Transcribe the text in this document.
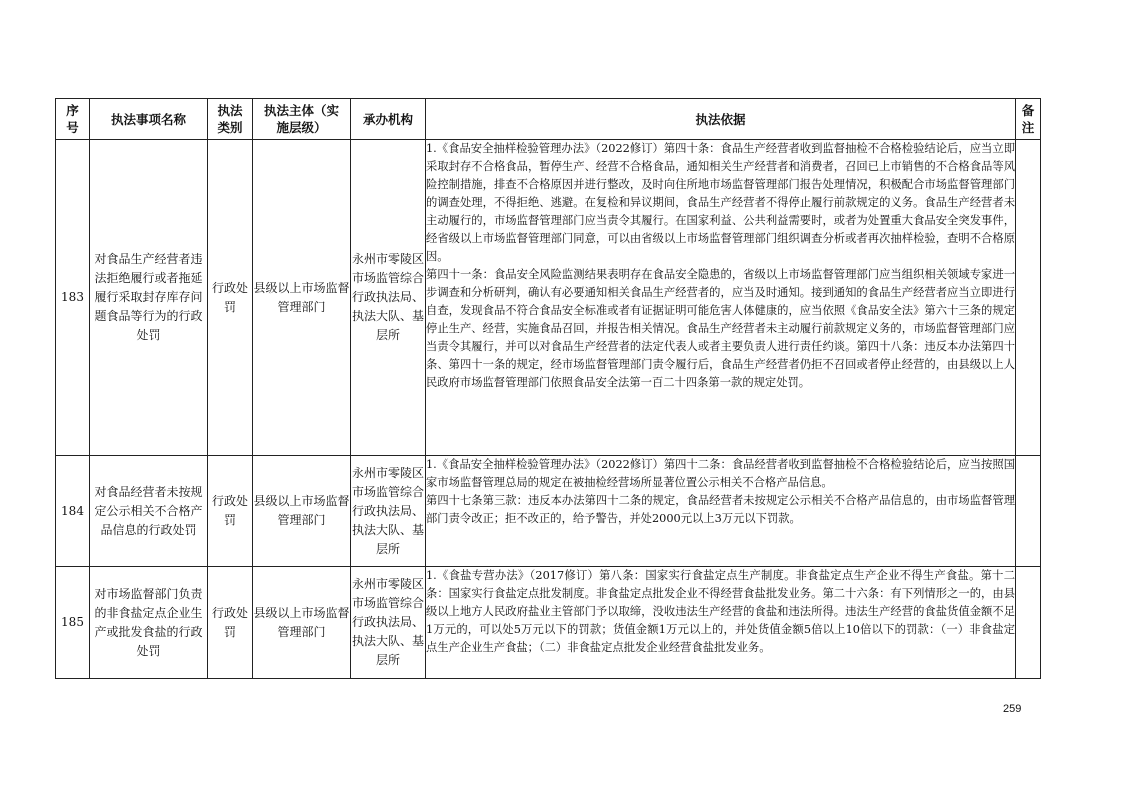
序号	执法事项名称	执法类别	执法主体（实施层级）	承办机构	执法依据	备注
183	对食品生产经营者违法拒绝履行或者拖延履行采取封存库存问题食品等行为的行政处罚	行政处罚	县级以上市场监督管理部门	永州市零陵区市场监管综合行政执法局、执法大队、基层所	1.《食品安全抽样检验管理办法》（2022修订）第四十条：食品生产经营者收到监督抽检不合格检验结论后，应当立即采取封存不合格食品，暂停生产、经营不合格食品，通知相关生产经营者和消费者，召回已上市销售的不合格食品等风险控制措施，排查不合格原因并进行整改，及时向住所地市场监督管理部门报告处理情况，积极配合市场监督管理部门的调查处理，不得拒绝、逃避。在复检和异议期间，食品生产经营者不得停止履行前款规定的义务。食品生产经营者未主动履行的，市场监督管理部门应当责令其履行。在国家利益、公共利益需要时，或者为处置重大食品安全突发事件，经省级以上市场监督管理部门同意，可以由省级以上市场监督管理部门组织调查分析或者再次抽样检验，查明不合格原因。

第四十一条：食品安全风险监测结果表明存在食品安全隐患的，省级以上市场监督管理部门应当组织相关领域专家进一步调查和分析研判，确认有必要通知相关食品生产经营者的，应当及时通知。接到通知的食品生产经营者应当立即进行自查，发现食品不符合食品安全标准或者有证据证明可能危害人体健康的，应当依照《食品安全法》第六十三条的规定停止生产、经营，实施食品召回，并报告相关情况。食品生产经营者未主动履行前款规定义务的，市场监督管理部门应当责令其履行，并可以对食品生产经营者的法定代表人或者主要负责人进行责任约谈。第四十八条：违反本办法第四十条、第四十一条的规定，经市场监督管理部门责令履行后，食品生产经营者仍拒不召回或者停止经营的，由县级以上人民政府市场监督管理部门依照食品安全法第一百二十四条第一款的规定处罚。	

184	对食品经营者未按规定公示相关不合格产品信息的行政处罚	行政处罚	县级以上市场监督管理部门	永州市零陵区市场监管综合行政执法局、执法大队、基层所	1.《食品安全抽样检验管理办法》（2022修订）第四十二条：食品经营者收到监督抽检不合格检验结论后，应当按照国家市场监督管理总局的规定在被抽检经营场所显著位置公示相关不合格产品信息。

第四十七条第三款：违反本办法第四十二条的规定，食品经营者未按规定公示相关不合格产品信息的，由市场监督管理部门责令改正；拒不改正的，给予警告，并处2000元以上3万元以下罚款。	

185	对市场监督部门负责的非食盐定点企业生产或批发食盐的行政处罚	行政处罚	县级以上市场监督管理部门	永州市零陵区市场监管综合行政执法局、执法大队、基层所	1.《食盐专营办法》（2017修订）第八条：国家实行食盐定点生产制度。非食盐定点生产企业不得生产食盐。第十二条：国家实行食盐定点批发制度。非食盐定点批发企业不得经营食盐批发业务。第二十六条：有下列情形之一的，由县级以上地方人民政府盐业主管部门予以取缔，没收违法生产经营的食盐和违法所得。违法生产经营的食盐货值金额不足1万元的，可以处5万元以下的罚款；货值金额1万元以上的，并处货值金额5倍以上10倍以下的罚款：（一）非食盐定点生产企业生产食盐；（二）非食盐定点批发企业经营食盐批发业务。	

259
